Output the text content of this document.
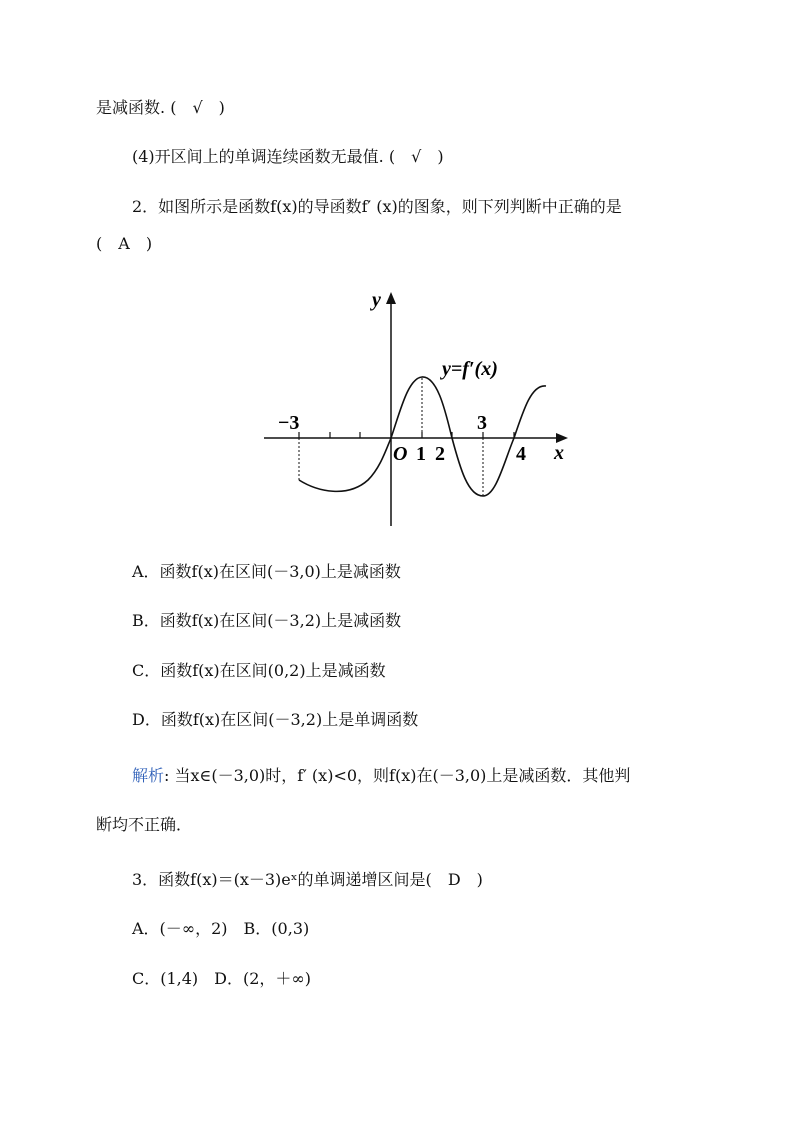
是减函数. (　√　)
(4)开区间上的单调连续函数无最值. (　√　)
2．如图所示是函数f(x)的导函数f′ (x)的图象，则下列判断中正确的是
(　A　)
y
x
y=f′(x)
−3	3
O 1 2	4
A．函数f(x)在区间(－3,0)上是减函数
B．函数f(x)在区间(－3,2)上是减函数
C．函数f(x)在区间(0,2)上是减函数
D．函数f(x)在区间(－3,2)上是单调函数
解析: 当x∈(－3,0)时，f′ (x)<0，则f(x)在(－3,0)上是减函数．其他判
断均不正确．
3．函数f(x)＝(x－3)eˣ的单调递增区间是(　 D　)
A．(－∞，2)　B．(0,3)
C．(1,4)　D．(2，＋∞)
